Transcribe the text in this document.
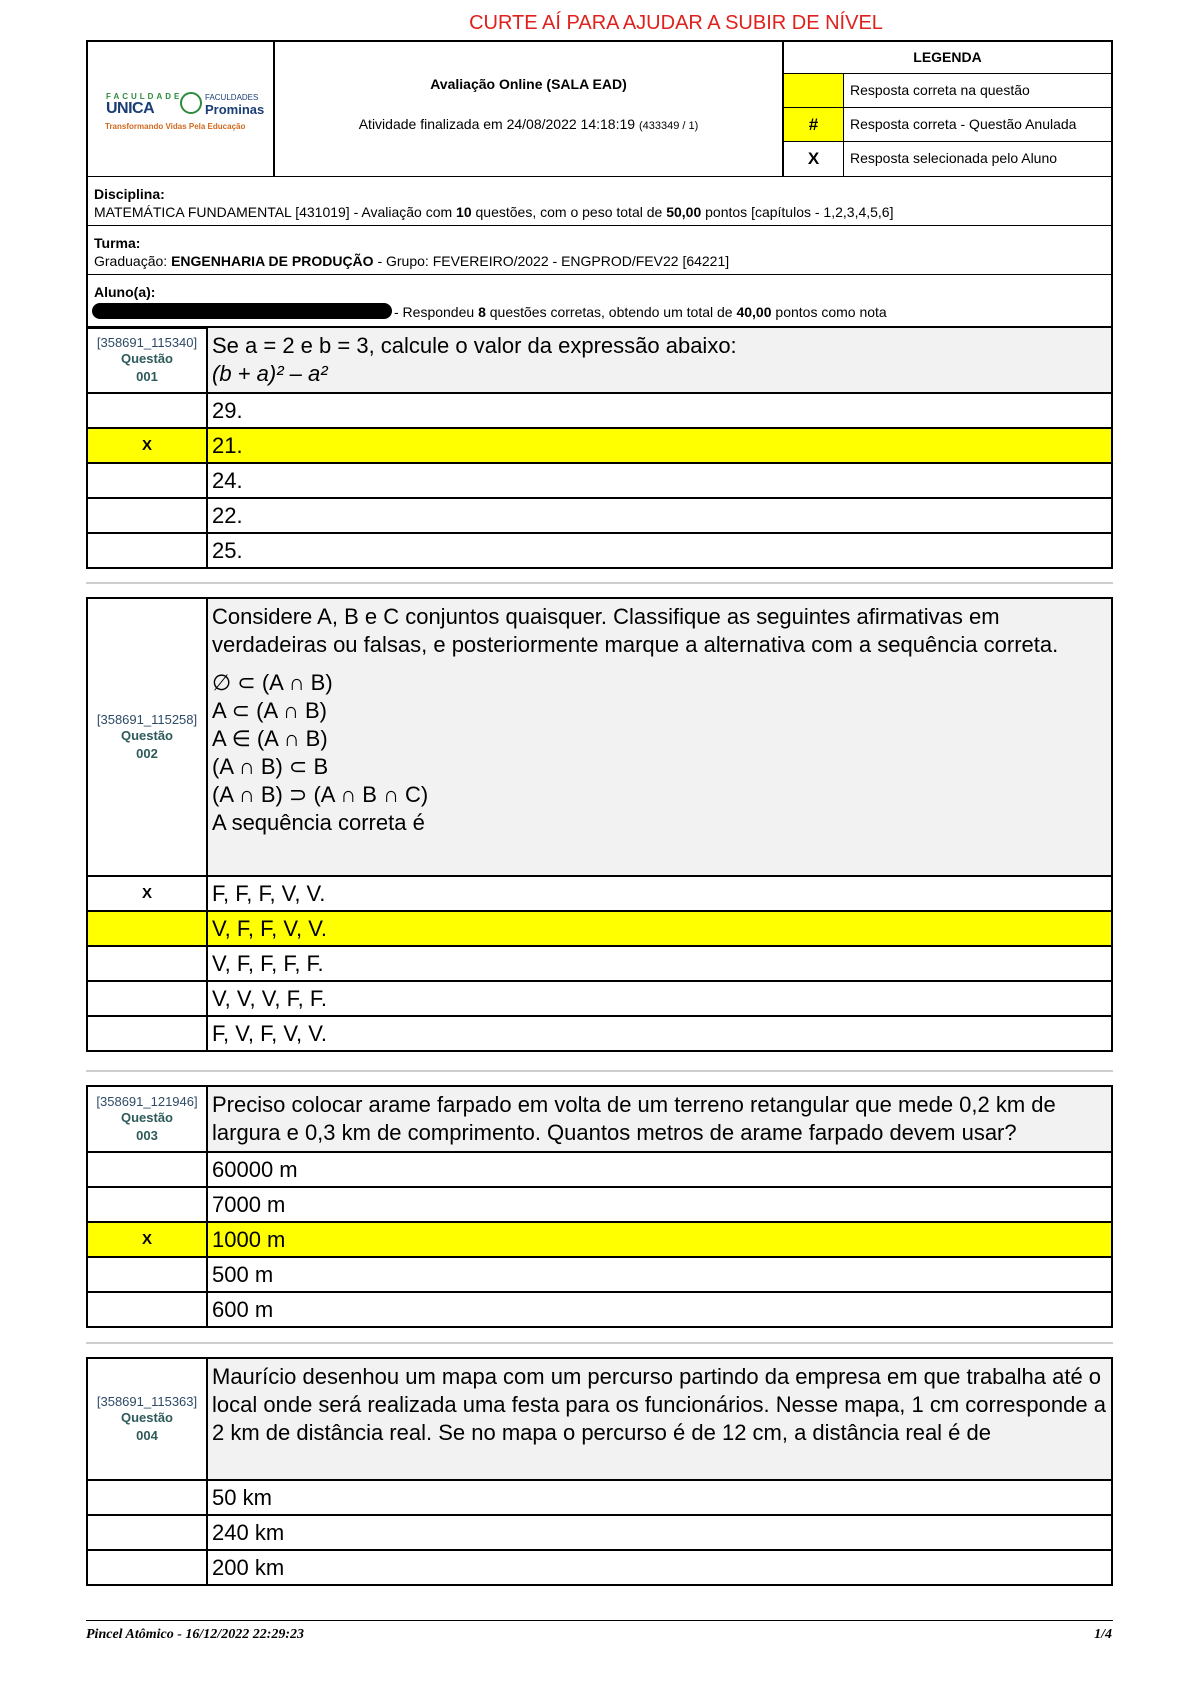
CURTE AÍ PARA AJUDAR A SUBIR DE NÍVEL
FACULDADE
UNICA
FACULDADES
Prominas
Transformando Vidas Pela Educação
Avaliação Online (SALA EAD)
Atividade finalizada em 24/08/2022 14:18:19 (433349 / 1)
LEGENDA
Resposta correta na questão
#	Resposta correta - Questão Anulada
X	Resposta selecionada pelo Aluno
Disciplina:
MATEMÁTICA FUNDAMENTAL [431019] - Avaliação com 10 questões, com o peso total de 50,00 pontos [capítulos - 1,2,3,4,5,6]
Turma:
Graduação: ENGENHARIA DE PRODUÇÃO - Grupo: FEVEREIRO/2022 - ENGPROD/FEV22 [64221]
Aluno(a):
- Respondeu 8 questões corretas, obtendo um total de 40,00 pontos como nota
[358691_115340]
Questão
001
Se a = 2 e b = 3, calcule o valor da expressão abaixo:
(b + a)² – a²
29.
X	21.
24.
22.
25.
[358691_115258]
Questão
002
Considere A, B e C conjuntos quaisquer. Classifique as seguintes afirmativas em verdadeiras ou falsas, e posteriormente marque a alternativa com a sequência correta.
∅ ⊂ (A ∩ B)
A ⊂ (A ∩ B)
A ∈ (A ∩ B)
(A ∩ B) ⊂ B
(A ∩ B) ⊃ (A ∩ B ∩ C)
A sequência correta é
X	F, F, F, V, V.
V, F, F, V, V.
V, F, F, F, F.
V, V, V, F, F.
F, V, F, V, V.
[358691_121946]
Questão
003
Preciso colocar arame farpado em volta de um terreno retangular que mede 0,2 km de largura e 0,3 km de comprimento. Quantos metros de arame farpado devem usar?
60000 m
7000 m
X	1000 m
500 m
600 m
[358691_115363]
Questão
004
Maurício desenhou um mapa com um percurso partindo da empresa em que trabalha até o local onde será realizada uma festa para os funcionários. Nesse mapa, 1 cm corresponde a 2 km de distância real. Se no mapa o percurso é de 12 cm, a distância real é de
50 km
240 km
200 km
Pincel Atômico - 16/12/2022 22:29:23	1/4
